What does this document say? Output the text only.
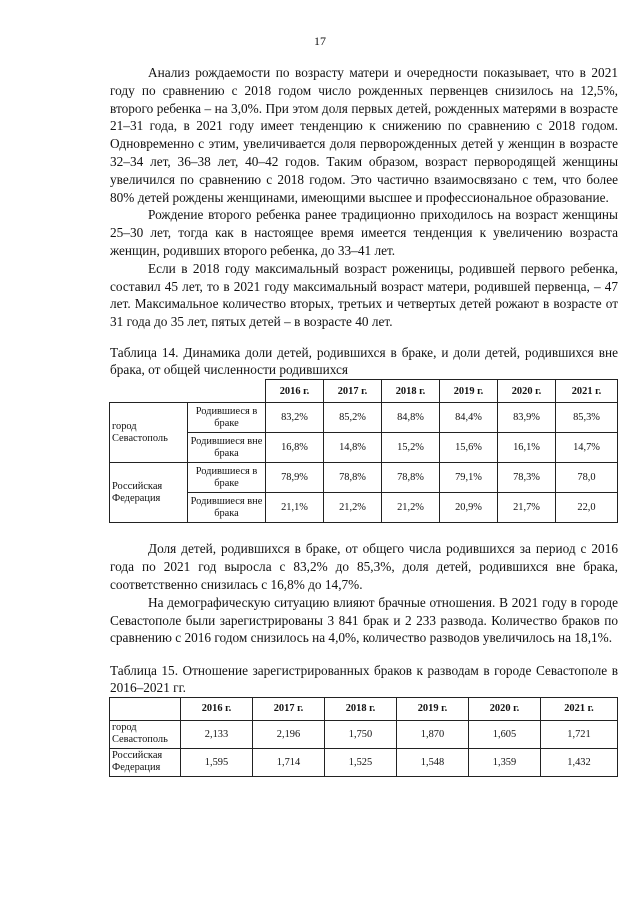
17

Анализ рождаемости по возрасту матери и очередности показывает, что в 2021 году по сравнению с 2018 годом число рожденных первенцев снизилось на 12,5%, второго ребенка – на 3,0%. При этом доля первых детей, рожденных матерями в возрасте 21–31 года, в 2021 году имеет тенденцию к снижению по сравнению с 2018 годом. Одновременно с этим, увеличивается доля перворожденных детей у женщин в возрасте 32–34 лет, 36–38 лет, 40–42 годов. Таким образом, возраст первородящей женщины увеличился по сравнению с 2018 годом. Это частично взаимосвязано с тем, что более 80% детей рождены женщинами, имеющими высшее и профессиональное образование.

Рождение второго ребенка ранее традиционно приходилось на возраст женщины 25–30 лет, тогда как в настоящее время имеется тенденция к увеличению возраста женщин, родивших второго ребенка, до 33–41 лет.

Если в 2018 году максимальный возраст роженицы, родившей первого ребенка, составил 45 лет, то в 2021 году максимальный возраст матери, родившей первенца, – 47 лет. Максимальное количество вторых, третьих и четвертых детей рожают в возрасте от 31 года до 35 лет, пятых детей – в возрасте 40 лет.

Таблица 14. Динамика доли детей, родившихся в браке, и доли детей, родившихся вне брака, от общей численности родившихся

		2016 г.	2017 г.	2018 г.	2019 г.	2020 г.	2021 г.
город Севастополь	Родившиеся в браке	83,2%	85,2%	84,8%	84,4%	83,9%	85,3%
	Родившиеся вне брака	16,8%	14,8%	15,2%	15,6%	16,1%	14,7%
Российская Федерация	Родившиеся в браке	78,9%	78,8%	78,8%	79,1%	78,3%	78,0
	Родившиеся вне брака	21,1%	21,2%	21,2%	20,9%	21,7%	22,0

Доля детей, родившихся в браке, от общего числа родившихся за период с 2016 года по 2021 год выросла с 83,2% до 85,3%, доля детей, родившихся вне брака, соответственно снизилась с 16,8% до 14,7%.

На демографическую ситуацию влияют брачные отношения. В 2021 году в городе Севастополе были зарегистрированы 3 841 брак и 2 233 развода. Количество браков по сравнению с 2016 годом снизилось на 4,0%, количество разводов увеличилось на 18,1%.

Таблица 15. Отношение зарегистрированных браков к разводам в городе Севастополе в 2016–2021 гг.

	2016 г.	2017 г.	2018 г.	2019 г.	2020 г.	2021 г.
город Севастополь	2,133	2,196	1,750	1,870	1,605	1,721
Российская Федерация	1,595	1,714	1,525	1,548	1,359	1,432
